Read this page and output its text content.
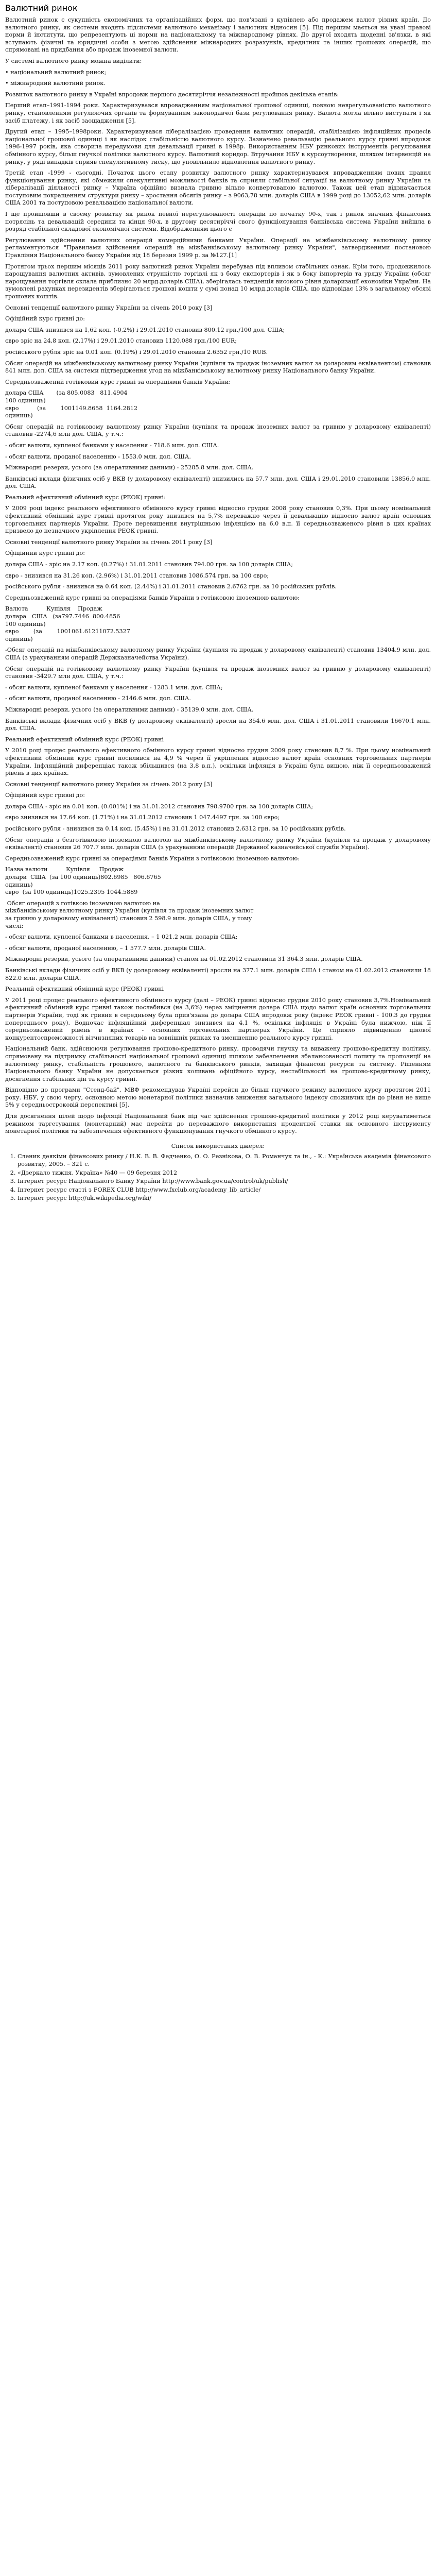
Валютний ринок

Валютний ринок є сукупність економічних та організаційних форм, що пов'язані з купівлею або продажем валют різних країн. До валютного ринку, як системи входять підсистеми валютного механізму і валютних відносин [5]. Під першим мається на увазі правові норми й інститути, що репрезентують ці норми на національному та міжнародному рівнях. До другої входять щоденні зв'язки, в які вступають фізичні та юридичні особи з метою здійснення міжнародних розрахунків, кредитних та інших грошових операцій, що спрямовані на придбання або продаж іноземної валюти.

У системі валютного ринку можна виділити:

• національний валютний ринок;

• міжнародний валютний ринок.

Розвиток валютного ринку в Україні впродовж першого десятиріччя незалежності пройшов декілька етапів:

Перший етап–1991-1994 роки. Характеризувався впровадженням національної грошової одиниці, повною неврегульованістю валютного ринку, становленням регулюючих органів та формуванням законодавчої бази регулювання ринку. Валюта могла вільно виступати і як засіб платежу, і як засіб заощадження [5].

Другий етап – 1995–1998роки. Характеризувався лібералізацією проведення валютних операцій, стабілізацією інфляційних процесів національної грошової одиниці і як наслідок стабільністю валютного курсу. Зазначено ревальвацію реального курсу гривні впродовж 1996-1997 років, яка створила передумови для девальвації гривні в 1998р. Використанням НБУ ринкових інструментів регулювання обмінного курсу, більш гнучкої політики валютного курсу. Валютний коридор. Втручання НБУ в курсоутворення, шляхом інтервенцій на ринку, у ряді випадків сприяв спекулятивному тиску, що уповільнило відновлення валютного ринку.

Третій етап -1999 - сьогодні. Початок цього етапу розвитку валютного ринку характеризувався впровадженням нових правил функціонування ринку, які обмежили спекулятивні можливості банків та сприяли стабільної ситуації на валютному ринку України та лібералізації діяльності ринку – Україна офіційно визнала гривню вільно конвертованою валютою. Також цей етап відзначається поступовим покращенням структури ринку – зростання обсягів ринку – з 9063,78 млн. доларів США в 1999 році до 13052,62 млн. доларів США 2001 та поступовою ревальвацією національної валюти.

І ще пройшовши в своєму розвитку як ринок певної нерегульованості операцій по початку 90-х, так і ринок значних фінансових потрясінь та девальвацій середини та кінця 90-х, в другому десятиріччі свого функціонування банківська система України вийшла в розряд стабільної складової економічної системи. Відображенням цього є

Регулювання здійснення валютних операцій комерційними банками України. Операції на міжбанківському валютному ринку регламентуються "Правилами здійснення операцій на міжбанківському валютному ринку України", затвердженими постановою Правління Національного банку України від 18 березня 1999 р. за №127.[1]

Протягом трьох першим місяців 2011 року валютний ринок України перебував під впливом стабільних ознак. Крім того, продовжилось нарощування валютних активів, зумовлених стрункістю торгівлі як з боку експортерів і як з боку імпортерів та уряду України (обсяг нарощування торгівля склала приблизно 20 млрд.доларів США), зберігалась тенденція високого рівня доларизації економіки України. На зумовлені рахунках нерезидентів зберігаються грошові кошти у сумі понад 10 млрд.доларів США, що відповідає 13% з загальному обсязі грошових коштів.

Основні тенденції валютного ринку України за січень 2010 року [3]

Офіційний курс гривні до:

долара США знизився на 1,62 коп. (-0,2%) і 29.01.2010 становив 800.12 грн./100 дол. США;

євро зріс на 24,8 коп. (2,17%) і 29.01.2010 становив 1120.088 грн./100 EUR;

російського рубля зріс на 0.01 коп. (0.19%) і 29.01.2010 становив 2.6352 грн./10 RUB.

Обсяг операцій на міжбанківському валютному ринку України (купівля та продаж іноземних валют за доларовим еквівалентом) становив 841 млн. дол. США за системи підтвердження угод на міжбанківському валютному ринку Національного банку України.

Середньозважений готівковий курс гривні за операціями банків України:

долара США       (за 805.0083   811.4904
100 одиниць)
євро          (за        1001149.8658  1164.2812
одиниць)

Обсяг операцій на готівковому валютному ринку України (купівля та продаж іноземних валют за гривню у доларовому еквіваленті) становив -2274,6 млн дол. США, у т.ч.:

- обсяг валюти, купленої банками у населення - 718.6 млн. дол. США.

- обсяг валюти, проданої населенню - 1553.0 млн. дол. США.

Міжнародні резерви, усього (за оперативними даними) - 25285.8 млн. дол. США.

Банківські вклади фізичних осіб у ВКВ (у доларовому еквіваленті) знизились на 57.7 млн. дол. США і 29.01.2010 становили 13856.0 млн. дол. США.

Реальний ефективний обмінний курс (РЕОК) гривні:

У 2009 році індекс реального ефективного обмінного курсу гривні відносно грудня 2008 року становив 0,3%. При цьому номінальний ефективний обмінний курс гривні протягом року знизився на 5,7% переважно через її девальвацію відносно валют країн основних торговельних партнерів України. Проте перевищення внутрішньою інфляцією на 6,0 в.п. її середньозваженого рівня в цих країнах призвело до незначного укріплення РЕОК гривні.

Основні тенденції валютного ринку України за січень 2011 року [3]

Офіційний курс гривні до:

долара США - зріс на 2.17 коп. (0.27%) і 31.01.2011 становив 794.00 грн. за 100 доларів США;

євро - знизився на 31.26 коп. (2.96%) і 31.01.2011 становив 1086.574 грн. за 100 євро;

російського рубля - знизився на 0.64 коп. (2.44%) і 31.01.2011 становив 2.6762 грн. за 10 російських рублів.

Середньозважений курс гривні за операціями банків України з готівковою іноземною валютою:

Валюта          Купівля    Продаж
долара   США   (за797.7446  800.4856
100 одиниць)
євро        (за        1001061.61211072.5327
одиниць)

-Обсяг операцій на міжбанківському валютному ринку України (купівля та продаж у доларовому еквіваленті) становив 13404.9 млн. дол. США (з урахуванням операцій Держказначейства України).

Обсяг операцій на готівковому валютному ринку України (купівля та продаж іноземних валют за гривню у доларовому еквіваленті) становив -3429.7 млн дол. США, у т.ч.:

- обсяг валюти, купленої банками у населення - 1283.1 млн. дол. США;

- обсяг валюти, проданої населенню - 2146.6 млн. дол. США.

Міжнародні резерви, усього (за оперативними даними) - 35139.0 млн. дол. США.

Банківські вклади фізичних осіб у ВКВ (у доларовому еквіваленті) зросли на 354.6 млн. дол. США і 31.01.2011 становили 16670.1 млн. дол. США.

Реальний ефективний обмінний курс (РЕОК) гривні

У 2010 році процес реального ефективного обмінного курсу гривні відносно грудня 2009 року становив 8,7 %. При цьому номінальний ефективний обмінний курс гривні посилився на 4,9 % через її укріплення відносно валют країн основних торговельних партнерів України. Інфляційний диференціал також збільшився (на 3,8 в.п.), оскільки інфляція в Україні була вищою, ніж її середньозважений рівень в цих країнах.

Основні тенденції валютного ринку України за січень 2012 року [3]

Офіційний курс гривні до:

долара США - зріс на 0.01 коп. (0.001%) і на 31.01.2012 становив 798.9700 грн. за 100 доларів США;

євро знизився на 17.64 коп. (1.71%) і на 31.01.2012 становив 1 047.4497 грн. за 100 євро;

російського рубля - знизився на 0.14 коп. (5.45%) і на 31.01.2012 становив 2.6312 грн. за 10 російських рублів.

Обсяг операцій з безготівковою іноземною валютою на міжбанківському валютному ринку України (купівля та продаж у доларовому еквіваленті) становив 26 707.7 млн. доларів США (з урахуванням операцій Державної казначейської служби України).

Середньозважений курс гривні за операціями банків України з готівковою іноземною валютою:

Назва валюти          Купівля     Продаж
долари  США  (за 100 одиниць)802.6985   806.6765
одиниць)
євро  (за 100 одиниць)1025.2395 1044.5889

Обсяг операцій з готівкою іноземною валютою на
міжбанківському валютному ринку України (купівля та продаж іноземних валют
за гривню у доларовому еквіваленті) становив 2 598.9 млн. доларів США, у тому
числі:

- обсяг валюти, купленої банками в населення, – 1 021.2 млн. доларів США;

- обсяг валюти, проданої населенню, – 1 577.7 млн. доларів США.

Міжнародні резерви, усього (за оперативними даними) станом на 01.02.2012 становили 31 364.3 млн. доларів США.

Банківські вклади фізичних осіб у ВКВ (у доларовому еквіваленті) зросли на 377.1 млн. доларів США і станом на 01.02.2012 становили 18 822.0 млн. доларів США.

Реальний ефективний обмінний курс (РЕОК) гривні

У 2011 році процес реального ефективного обмінного курсу (далі – РЕОК) гривні відносно грудня 2010 року становив 3,7%.Номінальний ефективний обмінний курс гривні також послабився (на 3,6%) через зміцнення долара США щодо валют країн основних торговельних партнерів України, тоді як гривня в середньому була прив'язана до долара США впродовж року (індекс РЕОК гривні - 100.3 до грудня попереднього року). Водночас інфляційний диференціал знизився на 4,1 %, оскільки інфляція в Україні була нижчою, ніж її середньозважений рівень в країнах - основних торговельних партнерах України. Це сприяло підвищенню цінової конкурентоспроможності вітчизняних товарів на зовнішніх ринках та зменшенню реального курсу гривні.

Національний банк, здійснюючи регулювання грошово-кредитного ринку, проводячи гнучку та виважену грошово-кредитну політику, спрямовану на підтримку стабільності національної грошової одиниці шляхом забезпечення збалансованості попиту та пропозиції на валютному ринку, стабільність грошового, валютного та банківського ринків, захищав фінансові ресурси та систему. Рішенням Національного банку України не допускається різких коливань офіційного курсу, нестабільності на грошово-кредитному ринку, досягнення стабільних цін та курсу гривні.

Відповідно до програми "Стенд-бай", МВФ рекомендував Україні перейти до більш гнучкого режиму валютного курсу протягом 2011 року. НБУ, у свою чергу, основною метою монетарної політики визначив зниження загального індексу споживчих цін до рівня не вище 5% у середньостроковій перспективі [5].

Для досягнення цілей щодо інфляції Національний банк під час здійснення грошово-кредитної політики у 2012 році керуватиметься режимом таргетування (монетарний) має перейти до переважного використання процентної ставки як основного інструменту монетарної політики та забезпечення ефективного функціонування гнучкого обмінного курсу.

Список використаних джерел:

1. Сленик деякіми фінансових ринку / Н.К. В. В. Федченко, О. О. Резнікова, О. В. Романчук та ін., - К.: Українська академія фінансового розвитку, 2005. – 321 с.
2. «Дзеркало тижня. Україна» №40 — 09 березня 2012
3. Інтернет ресурс Національного Банку України http://www.bank.gov.ua/control/uk/publish/
4. Інтернет ресурс статті з FOREX CLUB http://www.fxclub.org/academy_lib_article/
5. Інтернет ресурс http://uk.wikipedia.org/wiki/
